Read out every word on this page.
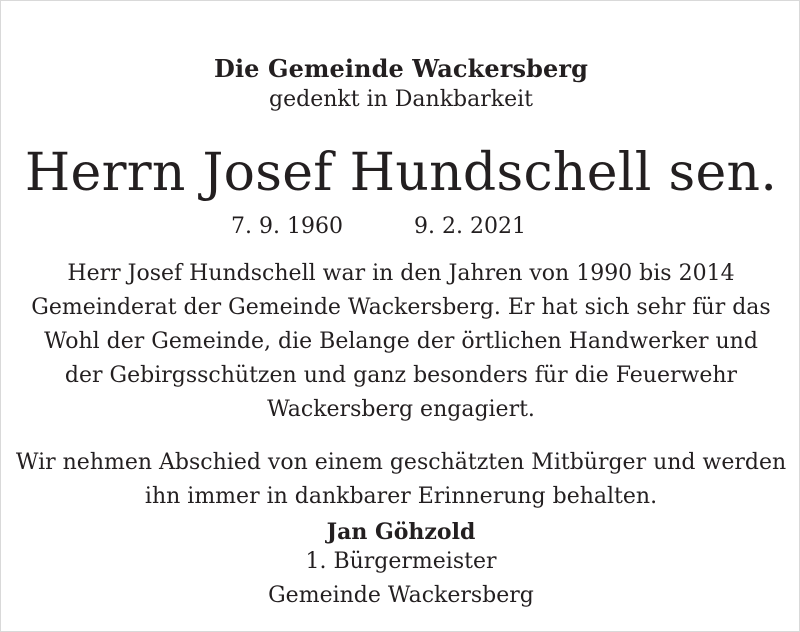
Die Gemeinde Wackersberg
gedenkt in Dankbarkeit
Herrn Josef Hundschell sen.
7. 9. 1960	9. 2. 2021
Herr Josef Hundschell war in den Jahren von 1990 bis 2014
Gemeinderat der Gemeinde Wackersberg. Er hat sich sehr für das
Wohl der Gemeinde, die Belange der örtlichen Handwerker und
der Gebirgsschützen und ganz besonders für die Feuerwehr
Wackersberg engagiert.
Wir nehmen Abschied von einem geschätzten Mitbürger und werden
ihn immer in dankbarer Erinnerung behalten.
Jan Göhzold
1. Bürgermeister
Gemeinde Wackersberg
